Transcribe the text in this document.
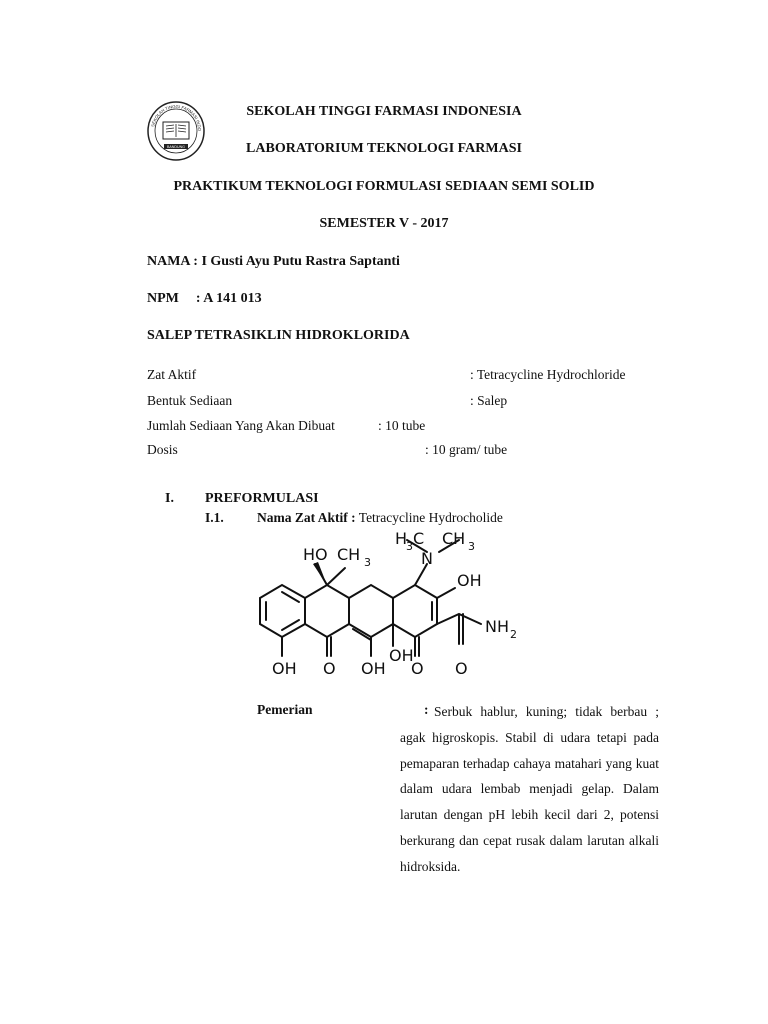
SEKOLAH TINGGI FARMASI INDO
BANDUNG
SEKOLAH TINGGI FARMASI INDONESIA
LABORATORIUM TEKNOLOGI FARMASI
PRAKTIKUM TEKNOLOGI FORMULASI SEDIAAN SEMI SOLID
SEMESTER V - 2017
NAMA : I Gusti Ayu Putu Rastra Saptanti
NPM : A 141 013
SALEP TETRASIKLIN HIDROKLORIDA
Zat Aktif	: Tetracycline Hydrochloride
Bentuk Sediaan	: Salep
Jumlah Sediaan Yang Akan Dibuat	: 10 tube
Dosis	: 10 gram/ tube
I. PREFORMULASI
I.1. Nama Zat Aktif : Tetracycline Hydrocholide
HO CH 3
H
3 C CH 3
N
OH
NH 2
OH O OH
OH
O O
Pemerian	: Serbuk hablur, kuning; tidak berbau ; agak higroskopis. Stabil di udara tetapi pada pemaparan terhadap cahaya matahari yang kuat dalam udara lembab menjadi gelap. Dalam larutan dengan pH lebih kecil dari 2, potensi berkurang dan cepat rusak dalam larutan alkali hidroksida.
